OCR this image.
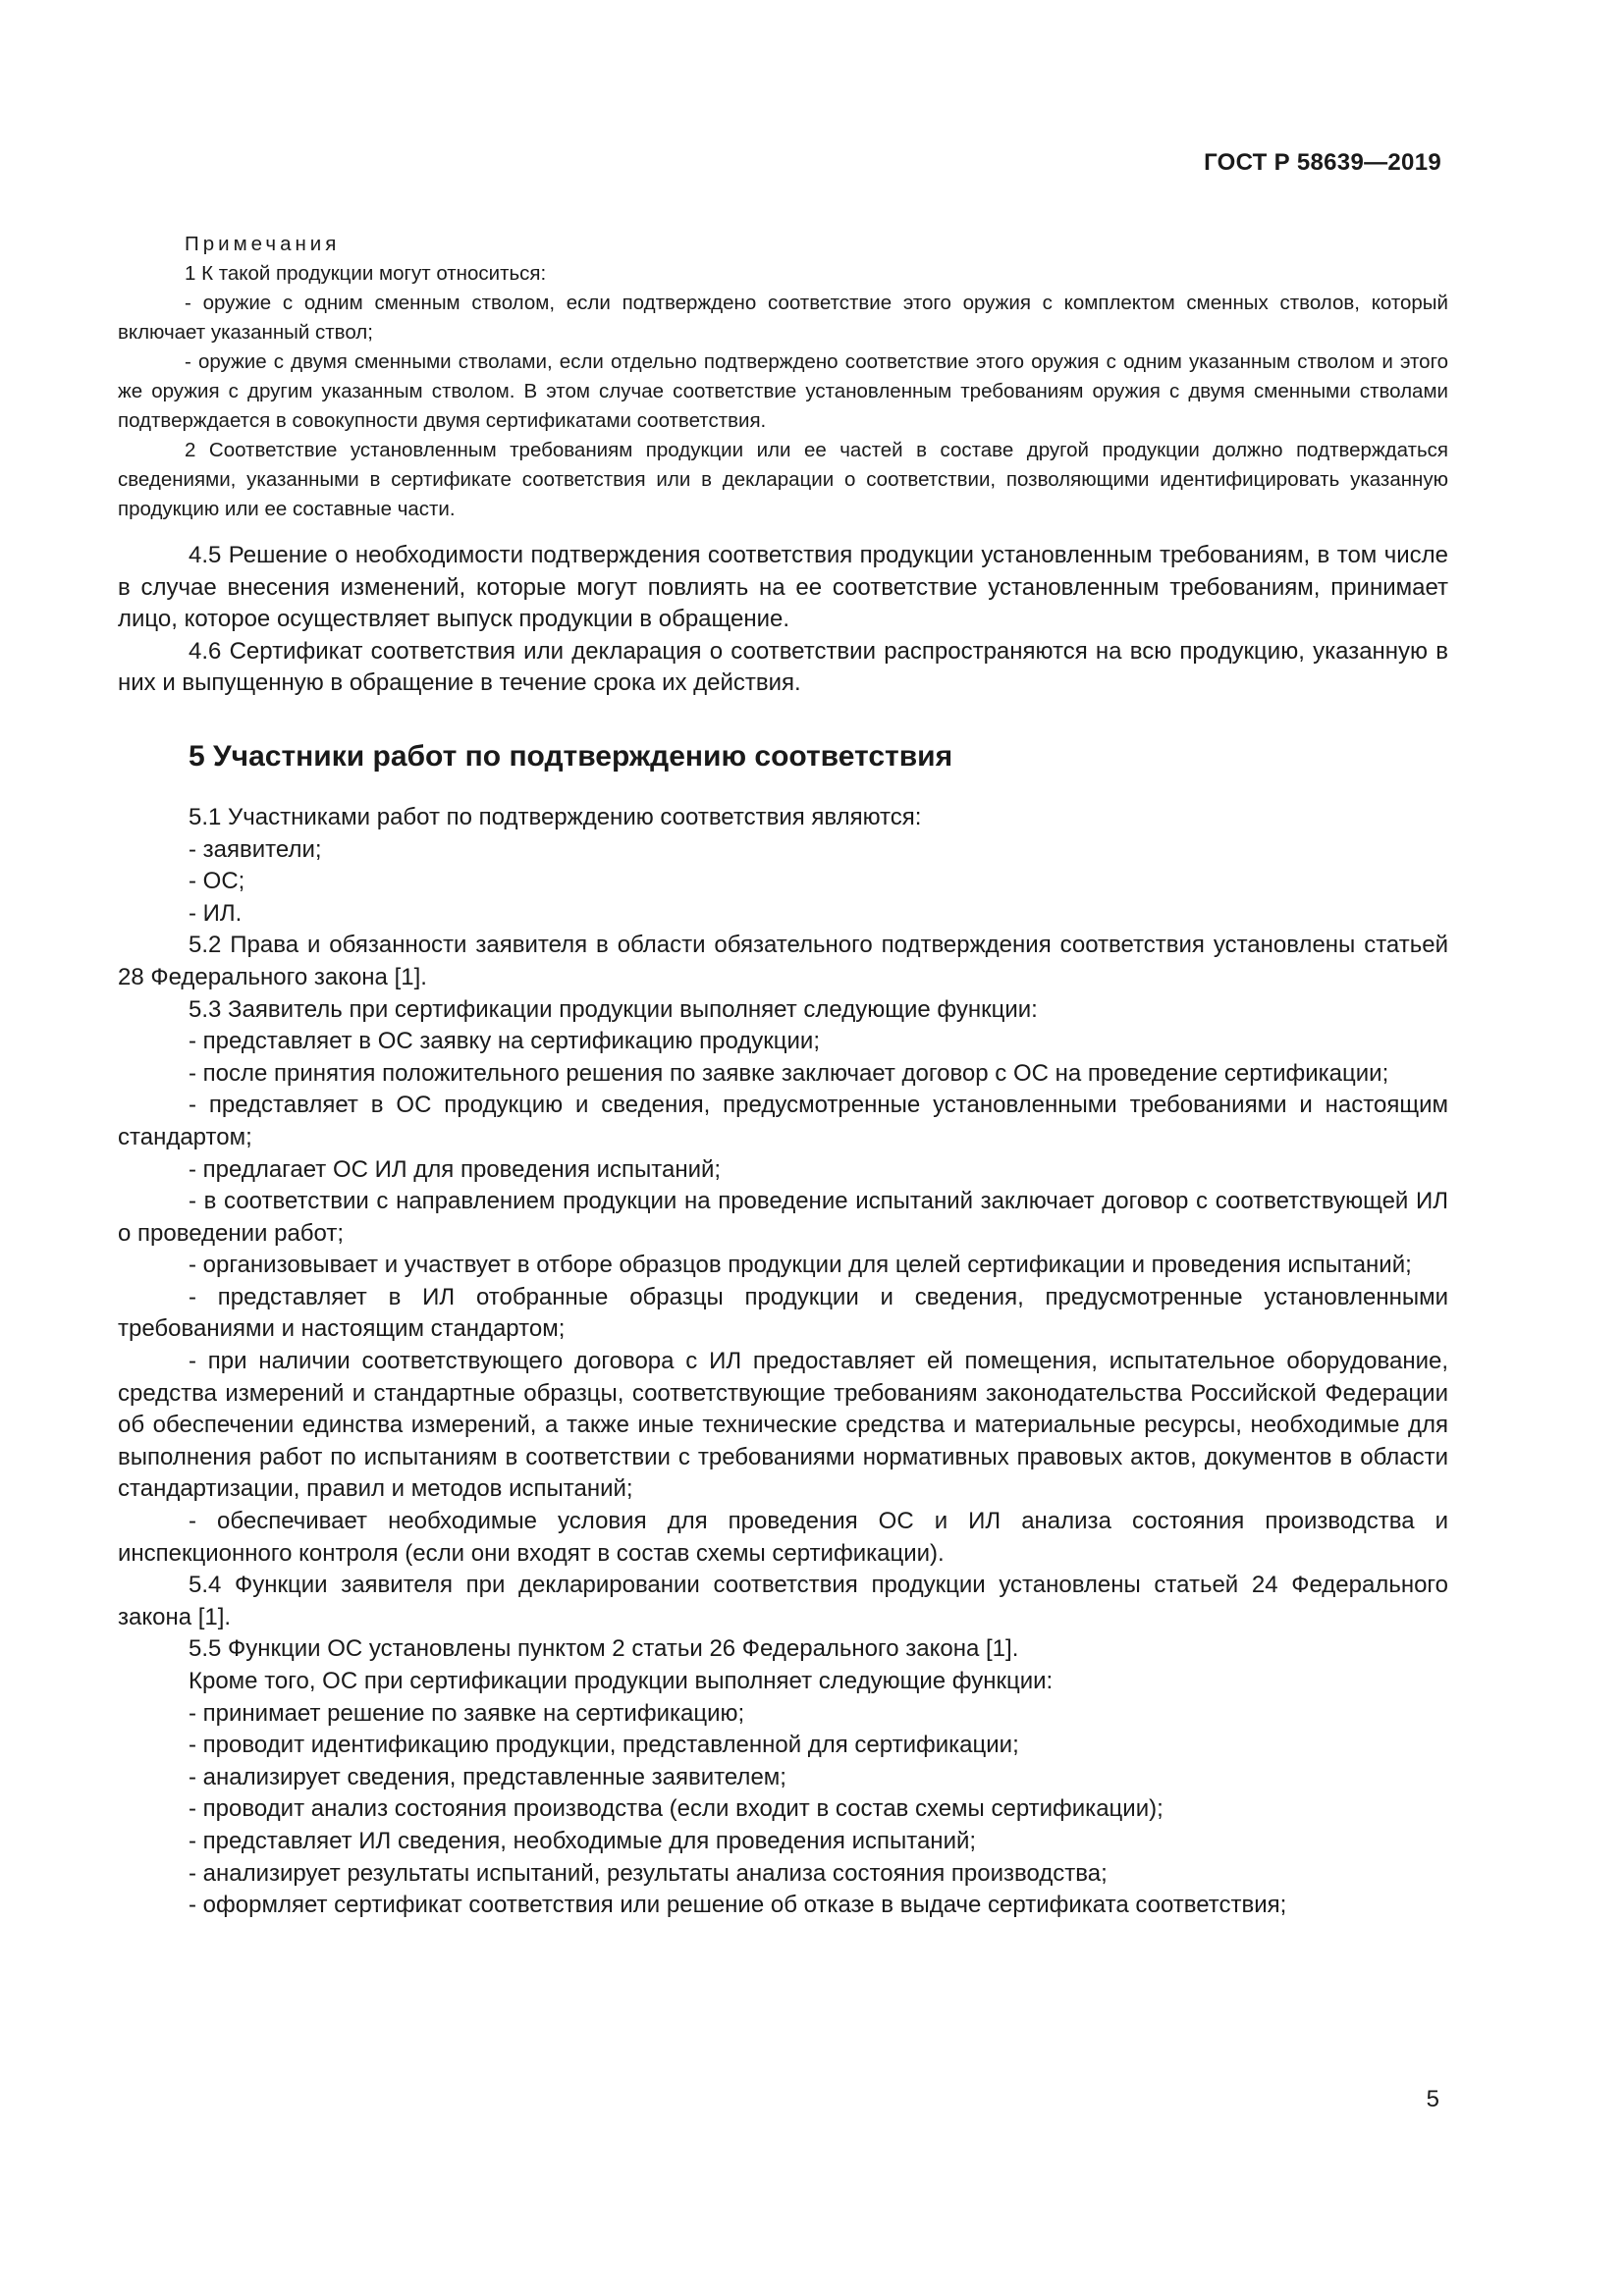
ГОСТ Р 58639—2019

Примечания

1 К такой продукции могут относиться:

- оружие с одним сменным стволом, если подтверждено соответствие этого оружия с комплектом сменных стволов, который включает указанный ствол;

- оружие с двумя сменными стволами, если отдельно подтверждено соответствие этого оружия с одним указанным стволом и этого же оружия с другим указанным стволом. В этом случае соответствие установленным требованиям оружия с двумя сменными стволами подтверждается в совокупности двумя сертификатами соответствия.

2 Соответствие установленным требованиям продукции или ее частей в составе другой продукции должно подтверждаться сведениями, указанными в сертификате соответствия или в декларации о соответствии, позволяющими идентифицировать указанную продукцию или ее составные части.

4.5 Решение о необходимости подтверждения соответствия продукции установленным требованиям, в том числе в случае внесения изменений, которые могут повлиять на ее соответствие установленным требованиям, принимает лицо, которое осуществляет выпуск продукции в обращение.

4.6 Сертификат соответствия или декларация о соответствии распространяются на всю продукцию, указанную в них и выпущенную в обращение в течение срока их действия.

5 Участники работ по подтверждению соответствия

5.1 Участниками работ по подтверждению соответствия являются:

- заявители;

- ОС;

- ИЛ.

5.2 Права и обязанности заявителя в области обязательного подтверждения соответствия установлены статьей 28 Федерального закона [1].

5.3 Заявитель при сертификации продукции выполняет следующие функции:

- представляет в ОС заявку на сертификацию продукции;

- после принятия положительного решения по заявке заключает договор с ОС на проведение сертификации;

- представляет в ОС продукцию и сведения, предусмотренные установленными требованиями и настоящим стандартом;

- предлагает ОС ИЛ для проведения испытаний;

- в соответствии с направлением продукции на проведение испытаний заключает договор с соответствующей ИЛ о проведении работ;

- организовывает и участвует в отборе образцов продукции для целей сертификации и проведения испытаний;

- представляет в ИЛ отобранные образцы продукции и сведения, предусмотренные установленными требованиями и настоящим стандартом;

- при наличии соответствующего договора с ИЛ предоставляет ей помещения, испытательное оборудование, средства измерений и стандартные образцы, соответствующие требованиям законодательства Российской Федерации об обеспечении единства измерений, а также иные технические средства и материальные ресурсы, необходимые для выполнения работ по испытаниям в соответствии с требованиями нормативных правовых актов, документов в области стандартизации, правил и методов испытаний;

- обеспечивает необходимые условия для проведения ОС и ИЛ анализа состояния производства и инспекционного контроля (если они входят в состав схемы сертификации).

5.4 Функции заявителя при декларировании соответствия продукции установлены статьей 24 Федерального закона [1].

5.5 Функции ОС установлены пунктом 2 статьи 26 Федерального закона [1].

Кроме того, ОС при сертификации продукции выполняет следующие функции:

- принимает решение по заявке на сертификацию;

- проводит идентификацию продукции, представленной для сертификации;

- анализирует сведения, представленные заявителем;

- проводит анализ состояния производства (если входит в состав схемы сертификации);

- представляет ИЛ сведения, необходимые для проведения испытаний;

- анализирует результаты испытаний, результаты анализа состояния производства;

- оформляет сертификат соответствия или решение об отказе в выдаче сертификата соответствия;

5
